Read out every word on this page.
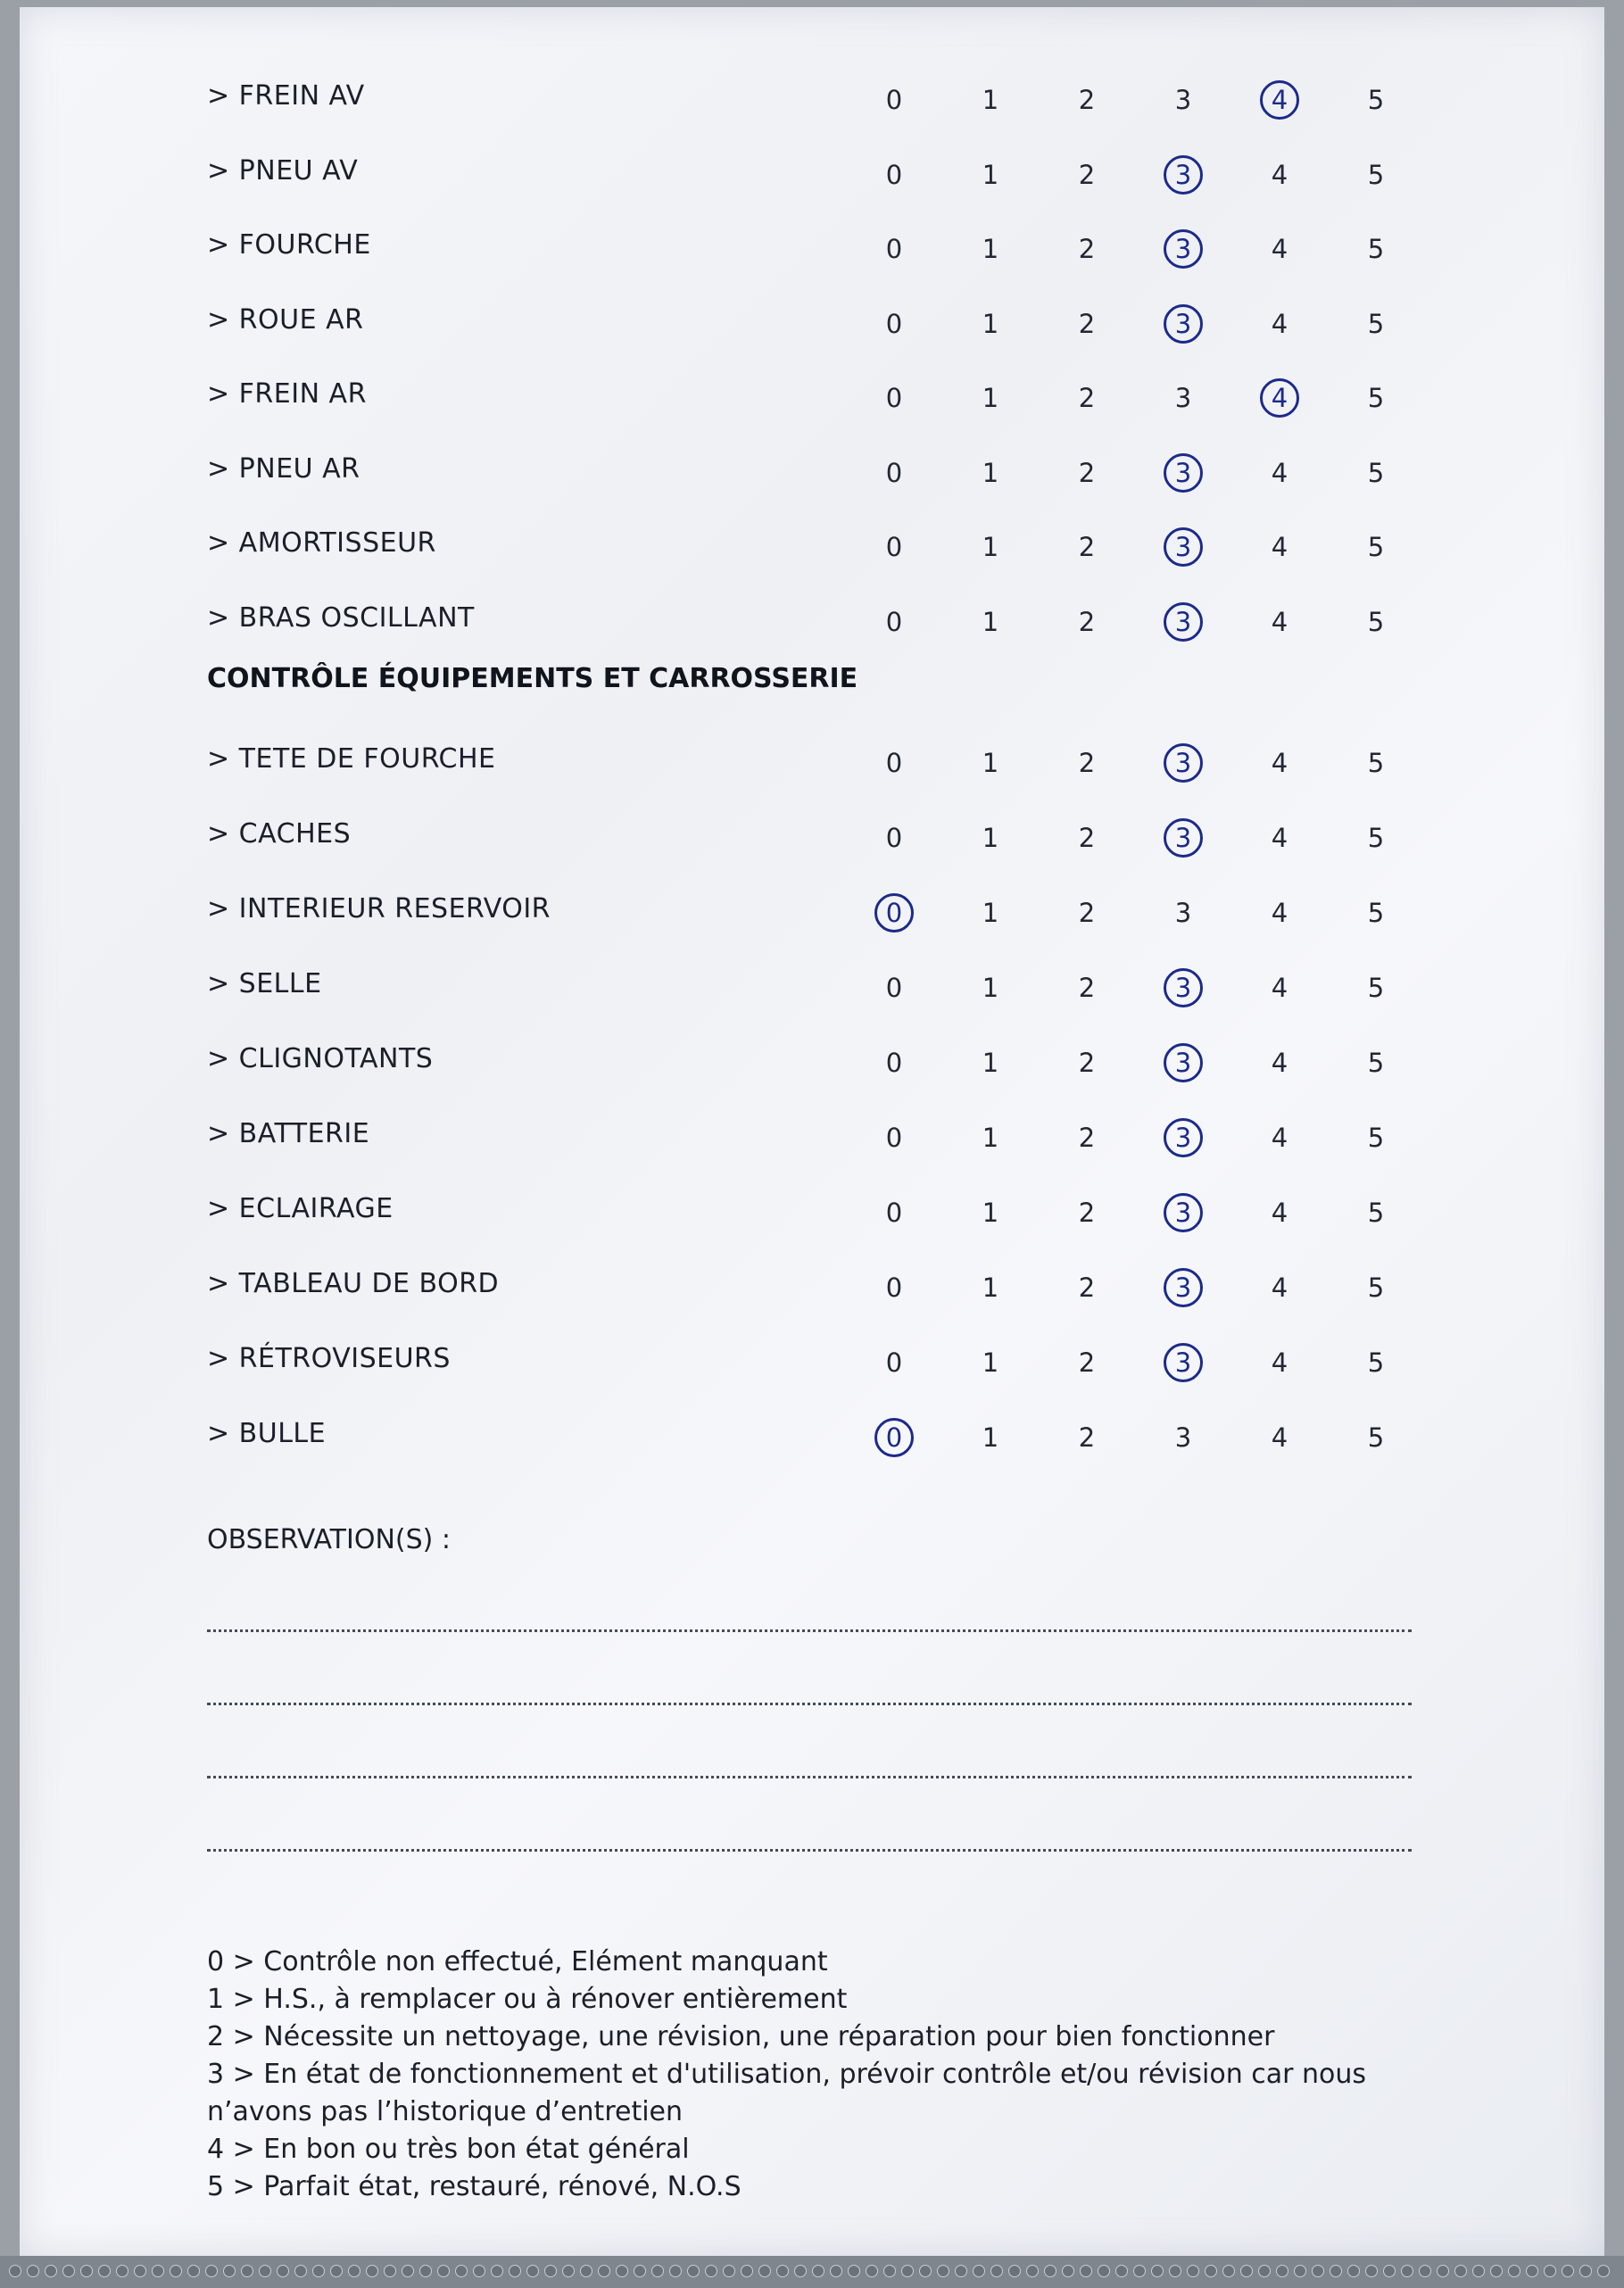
> FREIN AV	0	1	2	3	4	5
> PNEU AV	0	1	2	3	4	5
> FOURCHE	0	1	2	3	4	5
> ROUE AR	0	1	2	3	4	5
> FREIN AR	0	1	2	3	4	5
> PNEU AR	0	1	2	3	4	5
> AMORTISSEUR	0	1	2	3	4	5
> BRAS OSCILLANT	0	1	2	3	4	5
CONTRÔLE ÉQUIPEMENTS ET CARROSSERIE
> TETE DE FOURCHE	0	1	2	3	4	5
> CACHES	0	1	2	3	4	5
> INTERIEUR RESERVOIR	0	1	2	3	4	5
> SELLE	0	1	2	3	4	5
> CLIGNOTANTS	0	1	2	3	4	5
> BATTERIE	0	1	2	3	4	5
> ECLAIRAGE	0	1	2	3	4	5
> TABLEAU DE BORD	0	1	2	3	4	5
> RÉTROVISEURS	0	1	2	3	4	5
> BULLE	0	1	2	3	4	5
OBSERVATION(S) :
0 > Contrôle non effectué, Elément manquant
1 > H.S., à remplacer ou à rénover entièrement
2 > Nécessite un nettoyage, une révision, une réparation pour bien fonctionner
3 > En état de fonctionnement et d'utilisation, prévoir contrôle et/ou révision car nous
n’avons pas l’historique d’entretien
4 > En bon ou très bon état général
5 > Parfait état, restauré, rénové, N.O.S
